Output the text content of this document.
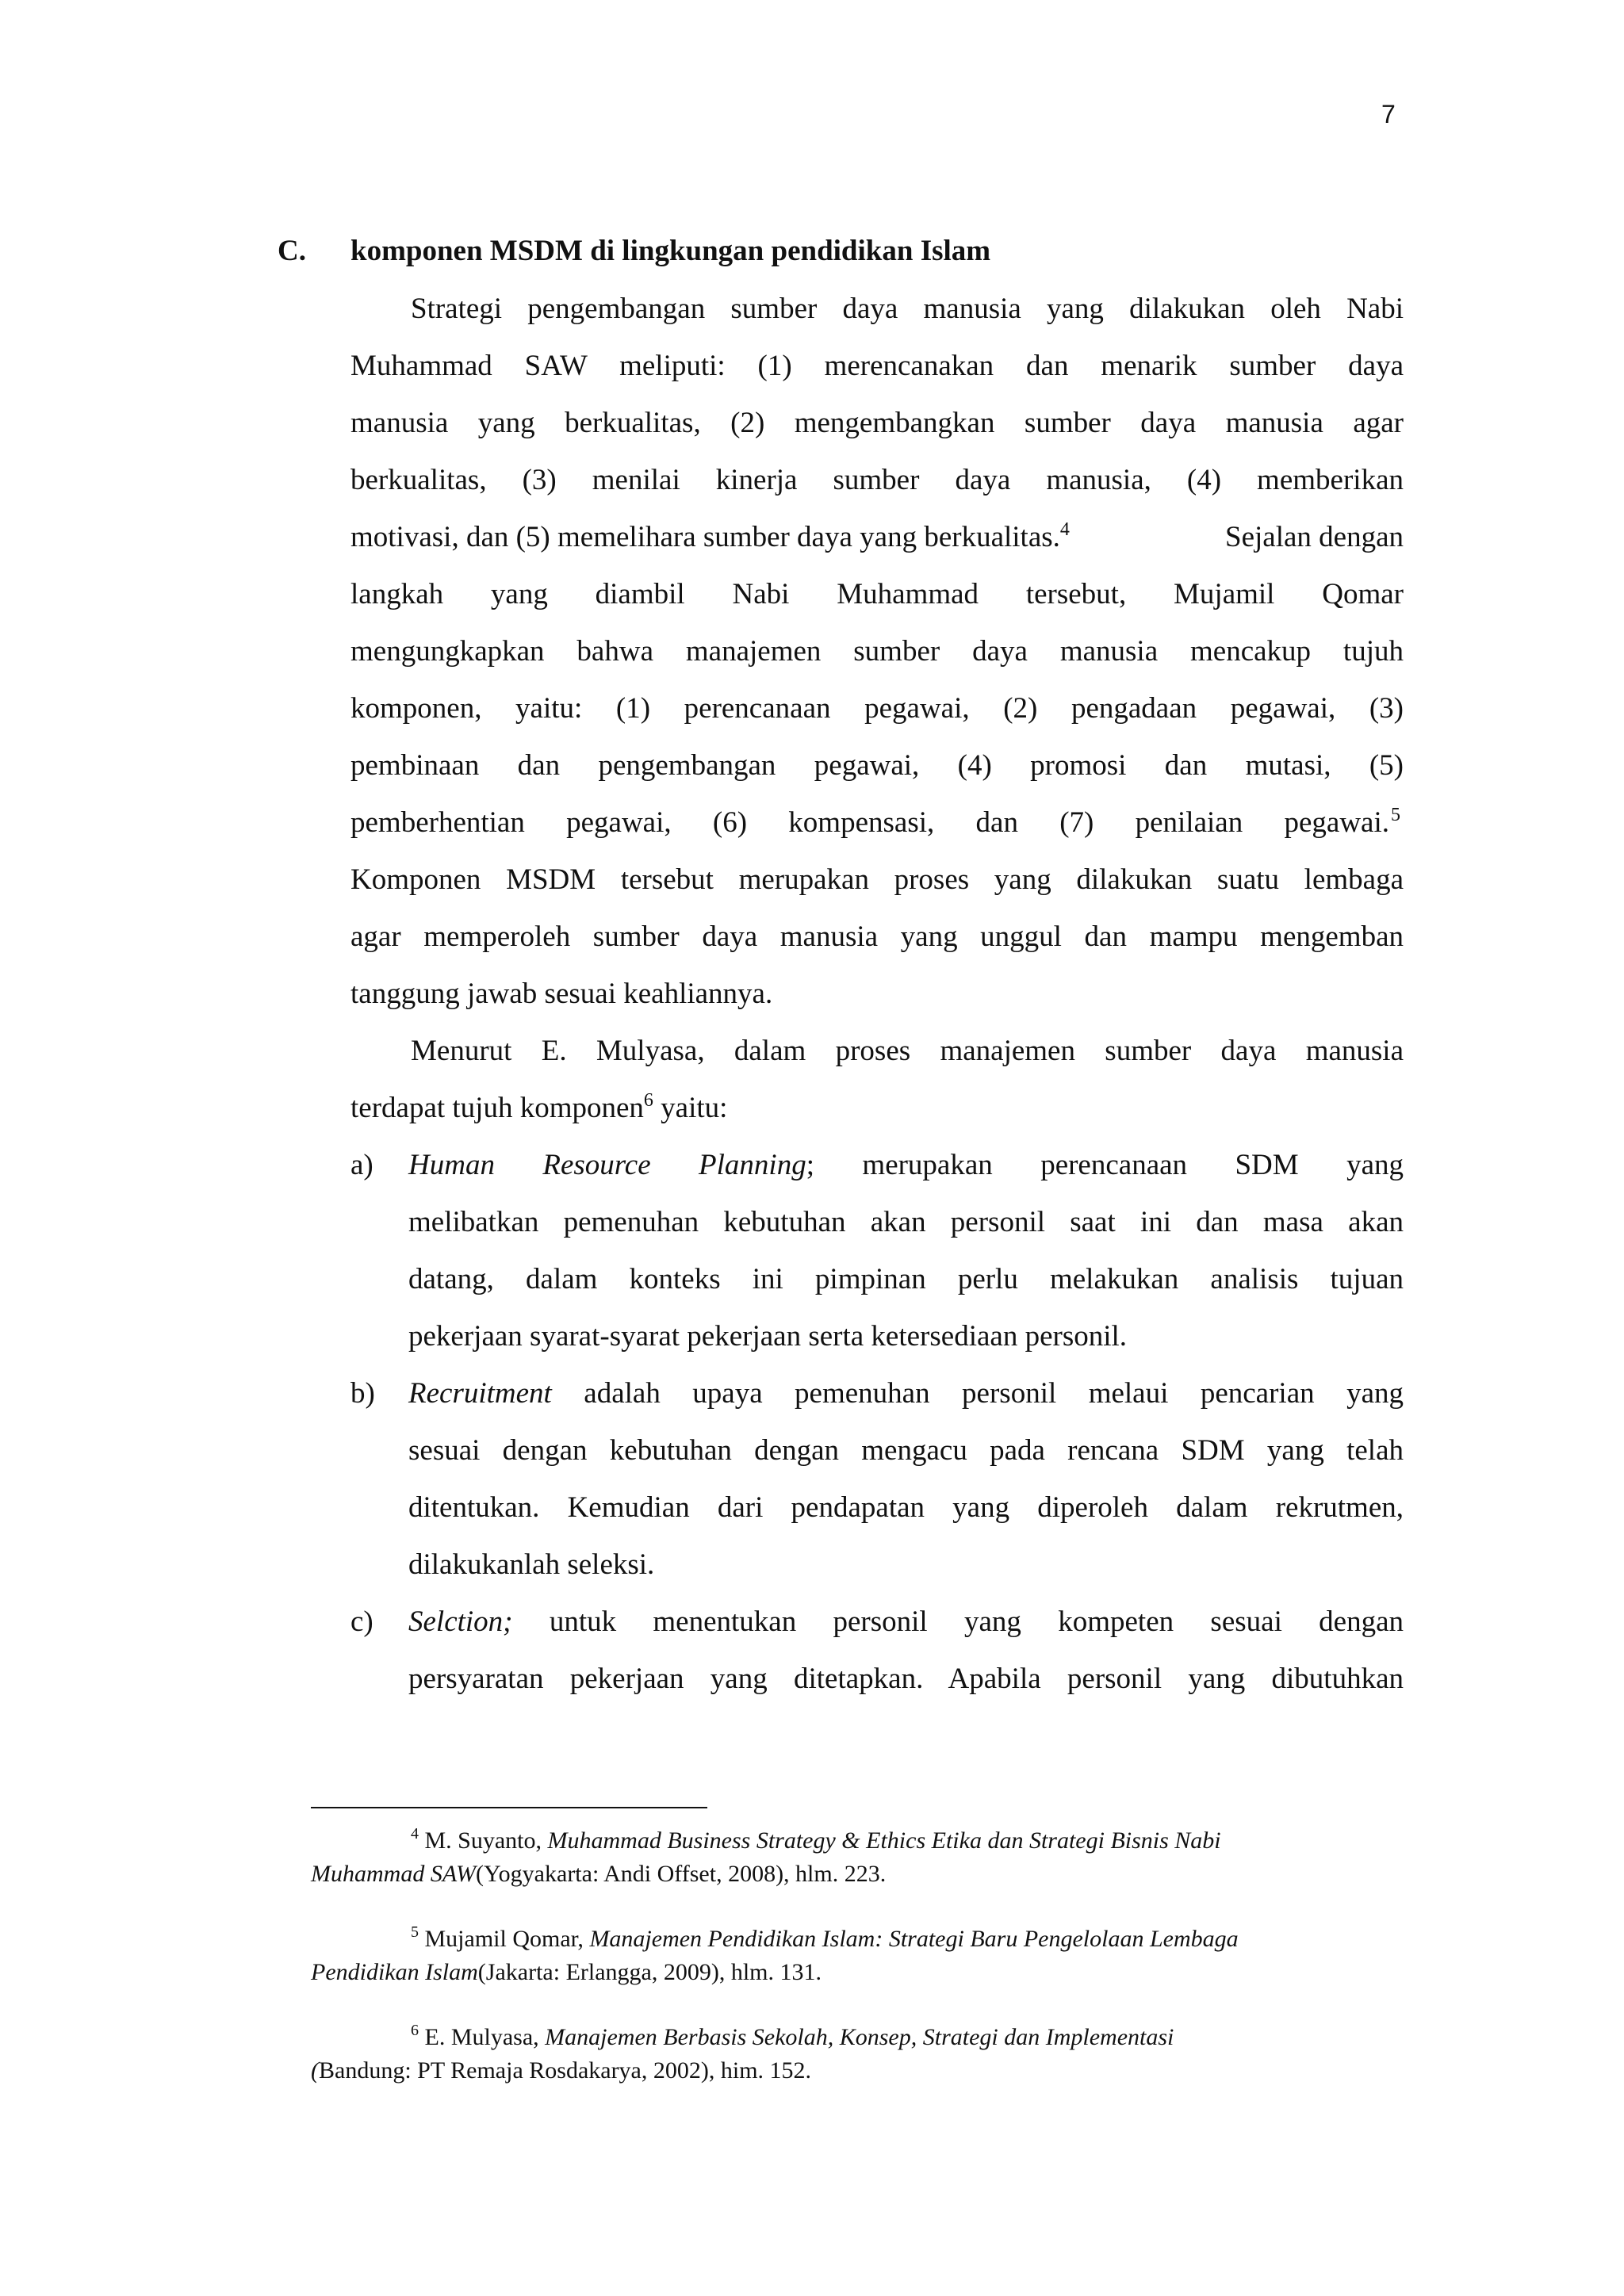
7
C. komponen MSDM di lingkungan pendidikan Islam
Strategi pengembangan sumber daya manusia yang dilakukan oleh Nabi
Muhammad SAW meliputi: (1) merencanakan dan menarik sumber daya
manusia yang berkualitas, (2) mengembangkan sumber daya manusia agar
berkualitas, (3) menilai kinerja sumber daya manusia, (4) memberikan
motivasi, dan (5) memelihara sumber daya yang berkualitas.$^4$	Sejalan dengan
langkah yang diambil Nabi Muhammad tersebut, Mujamil Qomar
mengungkapkan bahwa manajemen sumber daya manusia mencakup tujuh
komponen, yaitu: (1) perencanaan pegawai, (2) pengadaan pegawai, (3)
pembinaan dan pengembangan pegawai, (4) promosi dan mutasi, (5)
pemberhentian pegawai, (6) kompensasi, dan (7) penilaian pegawai. $^5$
Komponen MSDM tersebut merupakan proses yang dilakukan suatu lembaga
agar memperoleh sumber daya manusia yang unggul dan mampu mengemban
tanggung jawab sesuai keahliannya.
Menurut E. Mulyasa, dalam proses manajemen sumber daya manusia
terdapat tujuh komponen$^6$ yaitu:
a) Human Resource Planning; merupakan perencanaan SDM yang
melibatkan pemenuhan kebutuhan akan personil saat ini dan masa akan
datang, dalam konteks ini pimpinan perlu melakukan analisis tujuan
pekerjaan syarat-syarat pekerjaan serta ketersediaan personil.
b) Recruitment adalah upaya pemenuhan personil melaui pencarian yang
sesuai dengan kebutuhan dengan mengacu pada rencana SDM yang telah
ditentukan. Kemudian dari pendapatan yang diperoleh dalam rekrutmen,
dilakukanlah seleksi.
c) Selction; untuk menentukan personil yang kompeten sesuai dengan
persyaratan pekerjaan yang ditetapkan. Apabila personil yang dibutuhkan
$^4$ M. Suyanto, Muhammad Business Strategy & Ethics Etika dan Strategi Bisnis Nabi
Muhammad SAW(Yogyakarta: Andi Offset, 2008), hlm. 223.
$^5$ Mujamil Qomar, Manajemen Pendidikan Islam: Strategi Baru Pengelolaan Lembaga
Pendidikan Islam(Jakarta: Erlangga, 2009), hlm. 131.
$^6$ E. Mulyasa, Manajemen Berbasis Sekolah, Konsep, Strategi dan Implementasi
(Bandung: PT Remaja Rosdakarya, 2002), him. 152.
